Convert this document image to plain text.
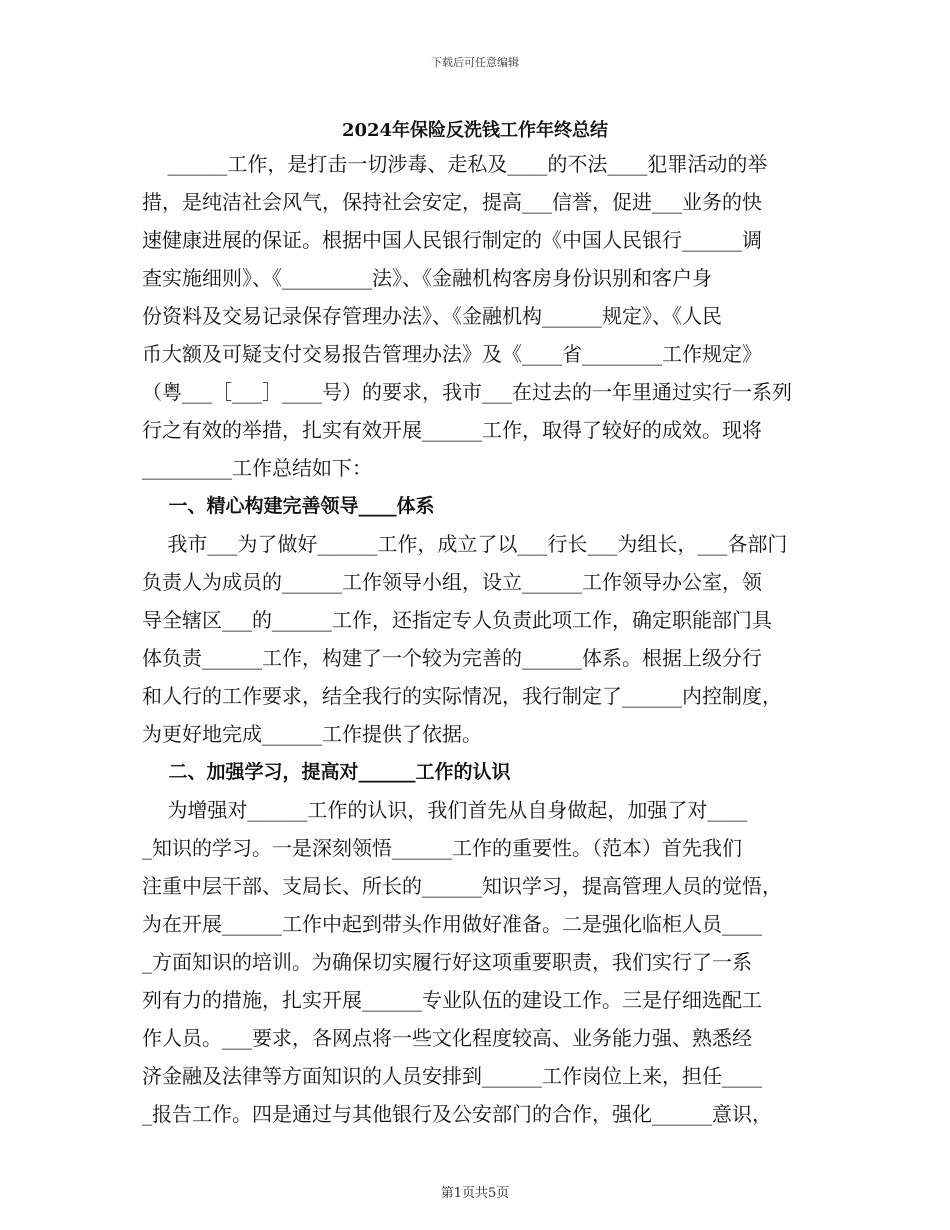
下载后可任意编辑
2024年保险反洗钱工作年终总结
______工作，是打击一切涉毒、走私及____的不法____犯罪活动的举
措，是纯洁社会风气，保持社会安定，提高___信誉，促进___业务的快
速健康进展的保证。根据中国人民银行制定的《中国人民银行______调
查实施细则》、《_________法》、《金融机构客房身份识别和客户身
份资料及交易记录保存管理办法》、《金融机构______规定》、《人民
币大额及可疑支付交易报告管理办法》及《____省________工作规定》
（粤___［___］____号）的要求，我市___在过去的一年里通过实行一系列
行之有效的举措，扎实有效开展______工作，取得了较好的成效。现将
_________工作总结如下：
一、精心构建完善领导____体系
我市___为了做好______工作，成立了以___行长___为组长，___各部门
负责人为成员的______工作领导小组，设立______工作领导办公室，领
导全辖区___的______工作，还指定专人负责此项工作，确定职能部门具
体负责______工作，构建了一个较为完善的______体系。根据上级分行
和人行的工作要求，结全我行的实际情况，我行制定了______内控制度，
为更好地完成______工作提供了依据。
二、加强学习，提高对______工作的认识
为增强对______工作的认识，我们首先从自身做起，加强了对____
_知识的学习。一是深刻领悟______工作的重要性。（范本）首先我们
注重中层干部、支局长、所长的______知识学习，提高管理人员的觉悟，
为在开展______工作中起到带头作用做好准备。二是强化临柜人员____
_方面知识的培训。为确保切实履行好这项重要职责，我们实行了一系
列有力的措施，扎实开展______专业队伍的建设工作。三是仔细选配工
作人员。___要求，各网点将一些文化程度较高、业务能力强、熟悉经
济金融及法律等方面知识的人员安排到______工作岗位上来，担任____
_报告工作。四是通过与其他银行及公安部门的合作，强化______意识，
第1页共5页
